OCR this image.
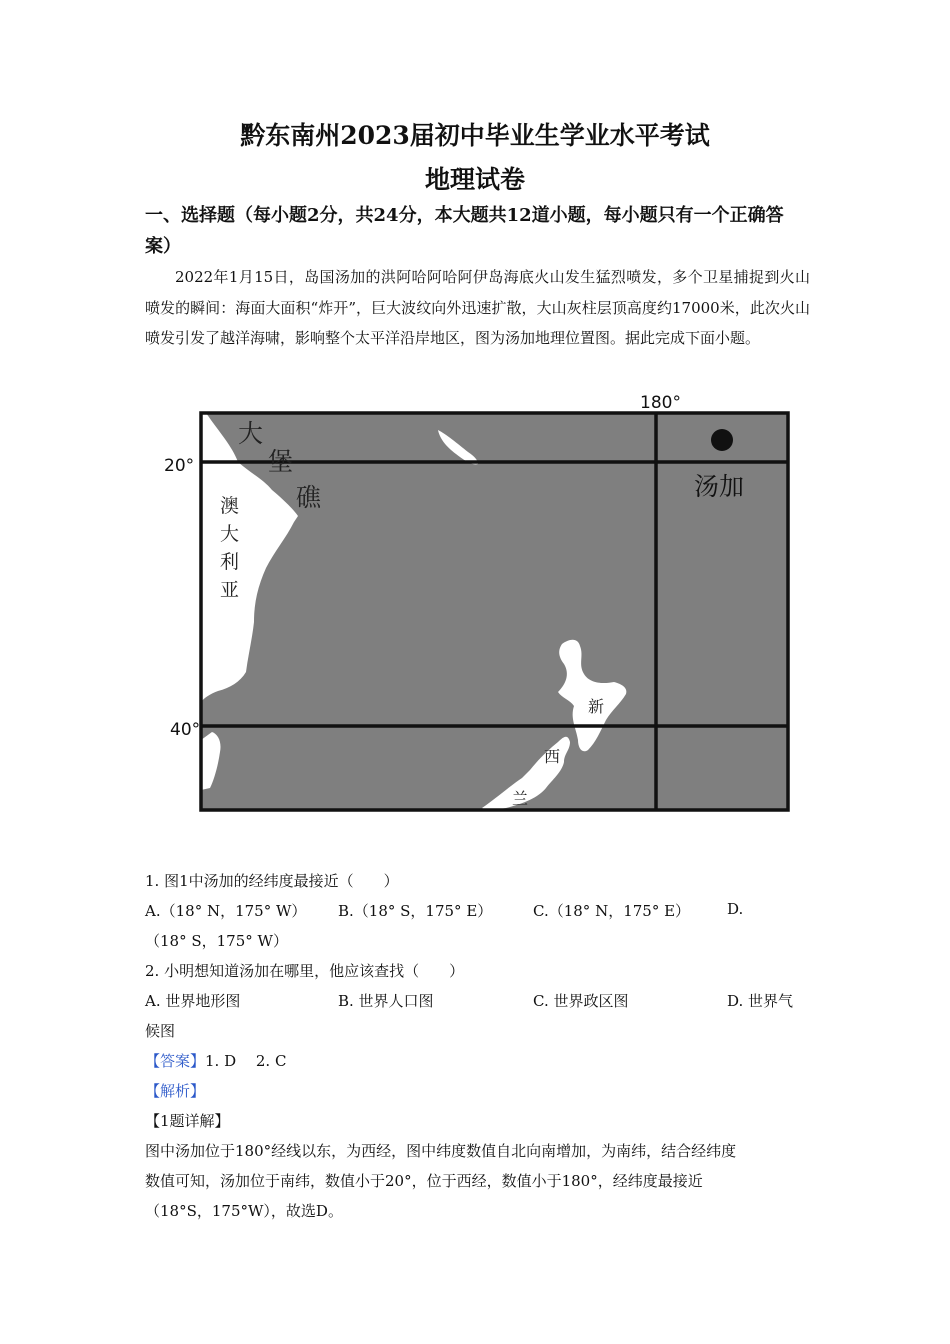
黔东南州2023届初中毕业生学业水平考试
地理试卷
一、选择题（每小题2分，共24分，本大题共12道小题，每小题只有一个正确答案）
2022年1月15日，岛国汤加的洪阿哈阿哈阿伊岛海底火山发生猛烈喷发，多个卫星捕捉到火山喷发的瞬间：海面大面积“炸开”，巨大波纹向外迅速扩散，大山灰柱层顶高度约17000米，此次火山喷发引发了越洋海啸，影响整个太平洋沿岸地区，图为汤加地理位置图。据此完成下面小题。
180°
20°
40°
大
堡
礁
澳
大
利
亚
汤加
新
西
兰
1. 图1中汤加的经纬度最接近（　　）
A.（18° N，175° W） B.（18° S，175° E）	C.（18° N，175° E） D.
（18° S，175° W）
2. 小明想知道汤加在哪里，他应该查找（　　）
A. 世界地形图	B. 世界人口图	C. 世界政区图	D. 世界气
候图
【答案】1. D　 2. C
【解析】
【1题详解】
图中汤加位于180°经线以东，为西经，图中纬度数值自北向南增加，为南纬，结合经纬度
数值可知，汤加位于南纬，数值小于20°，位于西经，数值小于180°，经纬度最接近
（18°S，175°W），故选D。
